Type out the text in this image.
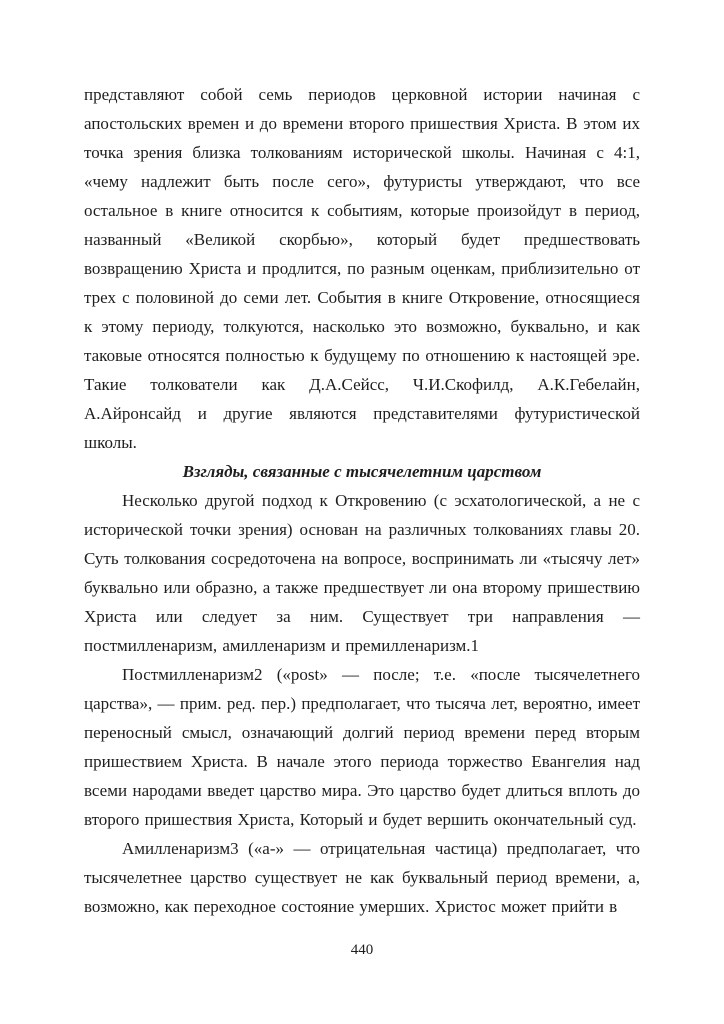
представляют собой семь периодов церковной истории начиная с апостольских времен и до времени второго пришествия Христа. В этом их точка зрения близка толкованиям исторической школы. Начиная с 4:1, «чему надлежит быть после сего», футуристы утверждают, что все остальное в книге относится к событиям, которые произойдут в период, названный «Великой скорбью», который будет предшествовать возвращению Христа и продлится, по разным оценкам, приблизительно от трех с половиной до семи лет. События в книге Откровение, относящиеся к этому периоду, толкуются, насколько это возможно, буквально, и как таковые относятся полностью к будущему по отношению к настоящей эре. Такие толкователи как Д.А.Сейсс, Ч.И.Скофилд, А.К.Гебелайн, А.Айронсайд и другие являются представителями футуристической школы.

Взгляды, связанные с тысячелетним царством

Несколько другой подход к Откровению (с эсхатологической, а не с исторической точки зрения) основан на различных толкованиях главы 20. Суть толкования сосредоточена на вопросе, воспринимать ли «тысячу лет» буквально или образно, а также предшествует ли она второму пришествию Христа или следует за ним. Существует три направления — постмилленаризм, амилленаризм и премилленаризм.1

Постмилленаризм2 («post» — после; т.е. «после тысячелетнего царства», — прим. ред. пер.) предполагает, что тысяча лет, вероятно, имеет переносный смысл, означающий долгий период времени перед вторым пришествием Христа. В начале этого периода торжество Евангелия над всеми народами введет царство мира. Это царство будет длиться вплоть до второго пришествия Христа, Который и будет вершить окончательный суд.

Амилленаризм3 («а-» — отрицательная частица) предполагает, что тысячелетнее царство существует не как буквальный период времени, а, возможно, как переходное состояние умерших. Христос может прийти в

440
